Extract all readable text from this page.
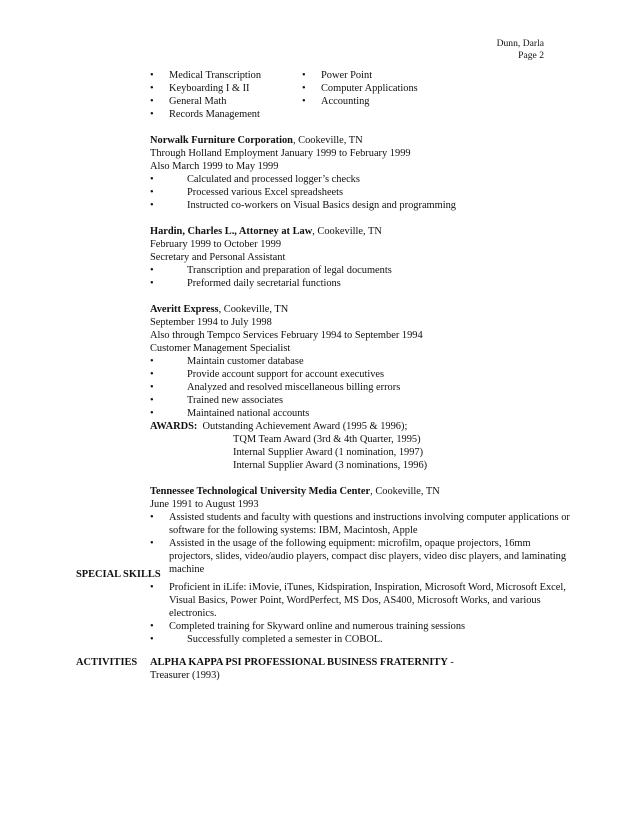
Dunn, Darla
Page 2
• Medical Transcription
• Keyboarding I & II
• General Math
• Records Management
• Power Point
• Computer Applications
• Accounting
Norwalk Furniture Corporation, Cookeville, TN
Through Holland Employment January 1999 to February 1999
Also March 1999 to May 1999
•	Calculated and processed logger’s checks
•	Processed various Excel spreadsheets
•	Instructed co-workers on Visual Basics design and programming
Hardin, Charles L., Attorney at Law, Cookeville, TN
February 1999 to October 1999
Secretary and Personal Assistant
•	Transcription and preparation of legal documents
•	Preformed daily secretarial functions
Averitt Express, Cookeville, TN
September 1994 to July 1998
Also through Tempco Services February 1994 to September 1994
Customer Management Specialist
•	Maintain customer database
•	Provide account support for account executives
•	Analyzed and resolved miscellaneous billing errors
•	Trained new associates
•	Maintained national accounts
AWARDS: Outstanding Achievement Award (1995 & 1996);
TQM Team Award (3rd & 4th Quarter, 1995)
Internal Supplier Award (1 nomination, 1997)
Internal Supplier Award (3 nominations, 1996)
Tennessee Technological University Media Center, Cookeville, TN
June 1991 to August 1993
• Assisted students and faculty with questions and instructions involving computer applications or software for the following systems: IBM, Macintosh, Apple
• Assisted in the usage of the following equipment: microfilm, opaque projectors, 16mm projectors, slides, video/audio players, compact disc players, video disc players, and laminating machine
SPECIAL SKILLS
• Proficient in iLife: iMovie, iTunes, Kidspiration, Inspiration, Microsoft Word, Microsoft Excel, Visual Basics, Power Point, WordPerfect, MS Dos, AS400, Microsoft Works, and various electronics.
• Completed training for Skyward online and numerous training sessions
•	Successfully completed a semester in COBOL.
ACTIVITIES ALPHA KAPPA PSI PROFESSIONAL BUSINESS FRATERNITY -
Treasurer (1993)
